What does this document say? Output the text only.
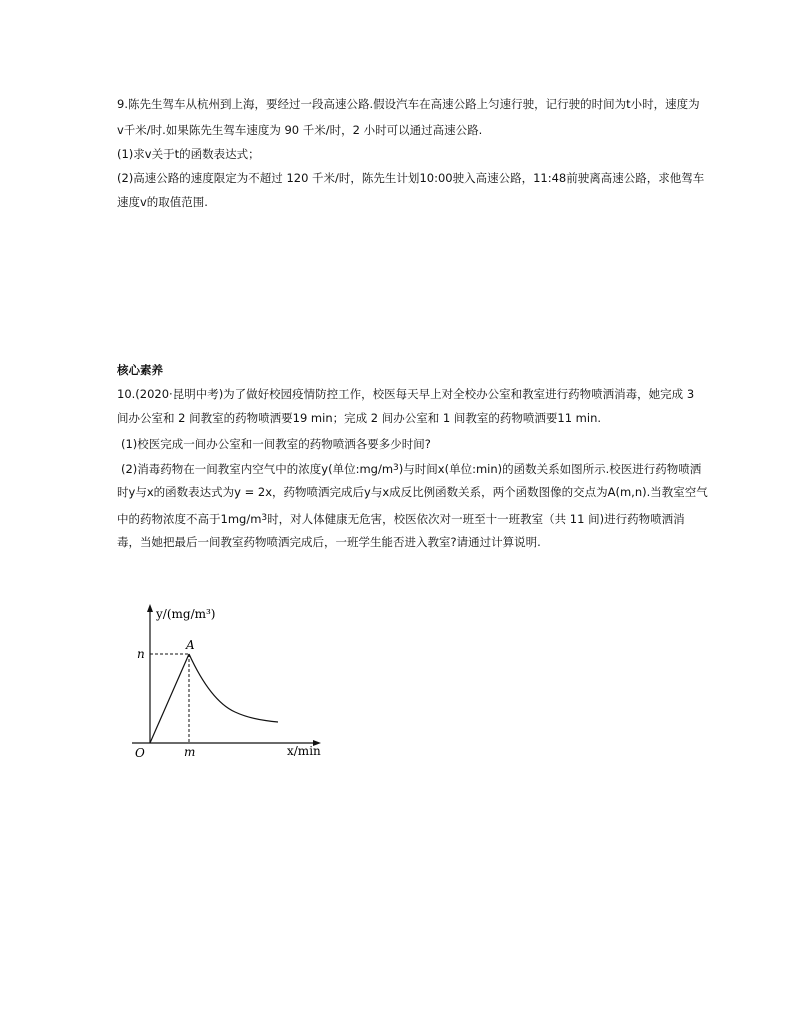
9.陈先生驾车从杭州到上海，要经过一段高速公路.假设汽车在高速公路上匀速行驶，记行驶的时间为t小时，速度为
v千米/时.如果陈先生驾车速度为 90 千米/时，2 小时可以通过高速公路.
(1)求v关于t的函数表达式；
(2)高速公路的速度限定为不超过 120 千米/时，陈先生计划10:00驶入高速公路，11:48前驶离高速公路，求他驾车
速度v的取值范围.
核心素养
10.(2020·昆明中考)为了做好校园疫情防控工作，校医每天早上对全校办公室和教室进行药物喷洒消毒，她完成 3
间办公室和 2 间教室的药物喷洒要19 min；完成 2 间办公室和 1 间教室的药物喷洒要11 min.
(1)校医完成一间办公室和一间教室的药物喷洒各要多少时间?
(2)消毒药物在一间教室内空气中的浓度y(单位$:mg/m^3$)与时间x(单位:min)的函数关系如图所示.校医进行药物喷洒
时y与x的函数表达式为y = 2x，药物喷洒完成后y与x成反比例函数关系，两个函数图像的交点为A(m,n).当教室空气
中的药物浓度不高于$1mg/m^3$时，对人体健康无危害，校医依次对一班至十一班教室（共 11 间)进行药物喷洒消
毒，当她把最后一间教室药物喷洒完成后，一班学生能否进入教室?请通过计算说明.
y/(mg/m³)
x/min
O
A
n
m
